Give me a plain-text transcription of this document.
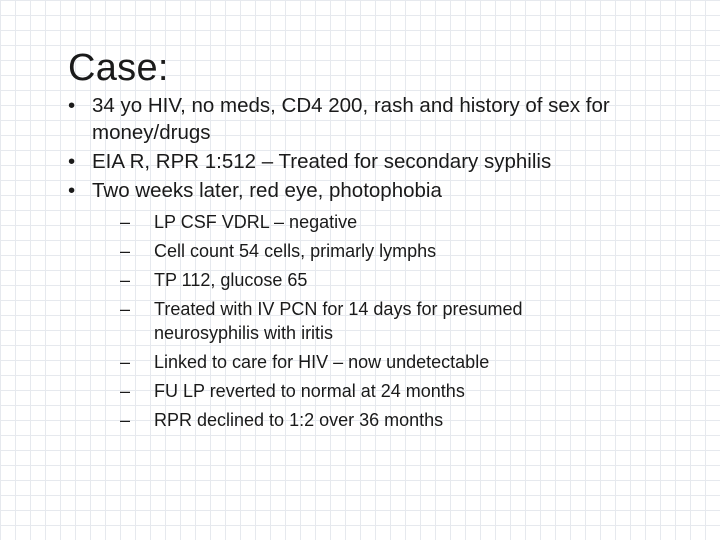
Case:
• 34 yo HIV, no meds, CD4 200, rash and history of sex for money/drugs
• EIA R, RPR 1:512 – Treated for secondary syphilis
• Two weeks later, red eye, photophobia
– LP CSF VDRL – negative
– Cell count 54 cells, primarly lymphs
– TP 112, glucose 65
– Treated with IV PCN for 14 days for presumed neurosyphilis with iritis
– Linked to care for HIV – now undetectable
– FU LP reverted to normal at 24 months
– RPR declined to 1:2 over 36 months
